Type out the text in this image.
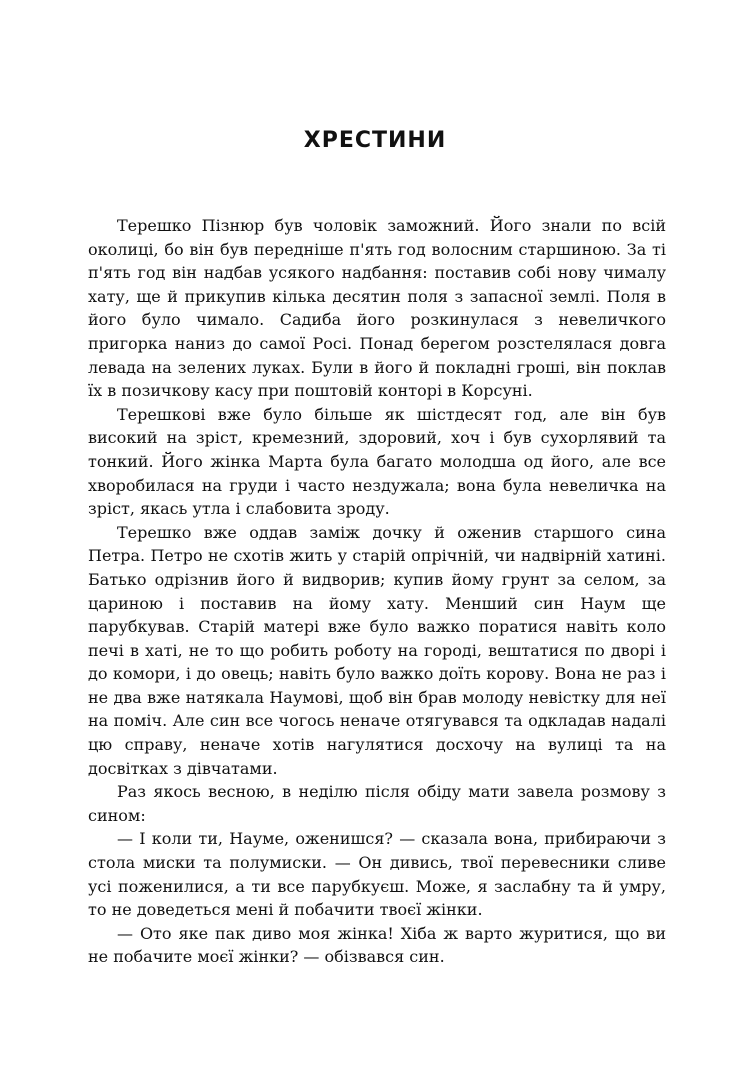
ХРЕСТИНИ

Терешко Пізнюр був чоловік заможний. Його знали по всій околиці, бо він був передніше п'ять год волосним старшиною. За ті п'ять год він надбав усякого надбання: поставив собі нову чималу хату, ще й прикупив кілька десятин поля з запасної землі. Поля в його було чимало. Садиба його розкинулася з невеличкого пригорка наниз до самої Росі. Понад берегом розстелялася довга левада на зелених луках. Були в його й покладні гроші, він поклав їх в позичкову касу при поштовій конторі в Корсуні.

Терешкові вже було більше як шістдесят год, але він був високий на зріст, кремезний, здоровий, хоч і був сухорлявий та тонкий. Його жінка Марта була багато молодша од його, але все хворобилася на груди і часто нездужала; вона була невеличка на зріст, якась утла і слабовита зроду.

Терешко вже оддав заміж дочку й оженив старшого сина Петра. Петро не схотів жить у старій опрічній, чи надвірній хатині. Батько одрізнив його й видворив; купив йому грунт за селом, за цариною і поставив на йому хату. Менший син Наум ще парубкував. Старій матері вже було важко поратися навіть коло печі в хаті, не то що робить роботу на городі, вештатися по дворі і до комори, і до овець; навіть було важко доїть корову. Вона не раз і не два вже натякала Наумові, щоб він брав молоду невістку для неї на поміч. Але син все чогось неначе отягувався та одкладав надалі цю справу, неначе хотів нагулятися досхочу на вулиці та на досвітках з дівчатами.

Раз якось весною, в неділю після обіду мати завела розмову з сином:

— І коли ти, Науме, оженишся? — сказала вона, прибираючи з стола миски та полумиски. — Он дивись, твої перевесники сливе усі поженилися, а ти все парубкуєш. Може, я заслабну та й умру, то не доведеться мені й побачити твоєї жінки.

— Ото яке пак диво моя жінка! Хіба ж варто журитися, що ви не побачите моєї жінки? — обізвався син.
